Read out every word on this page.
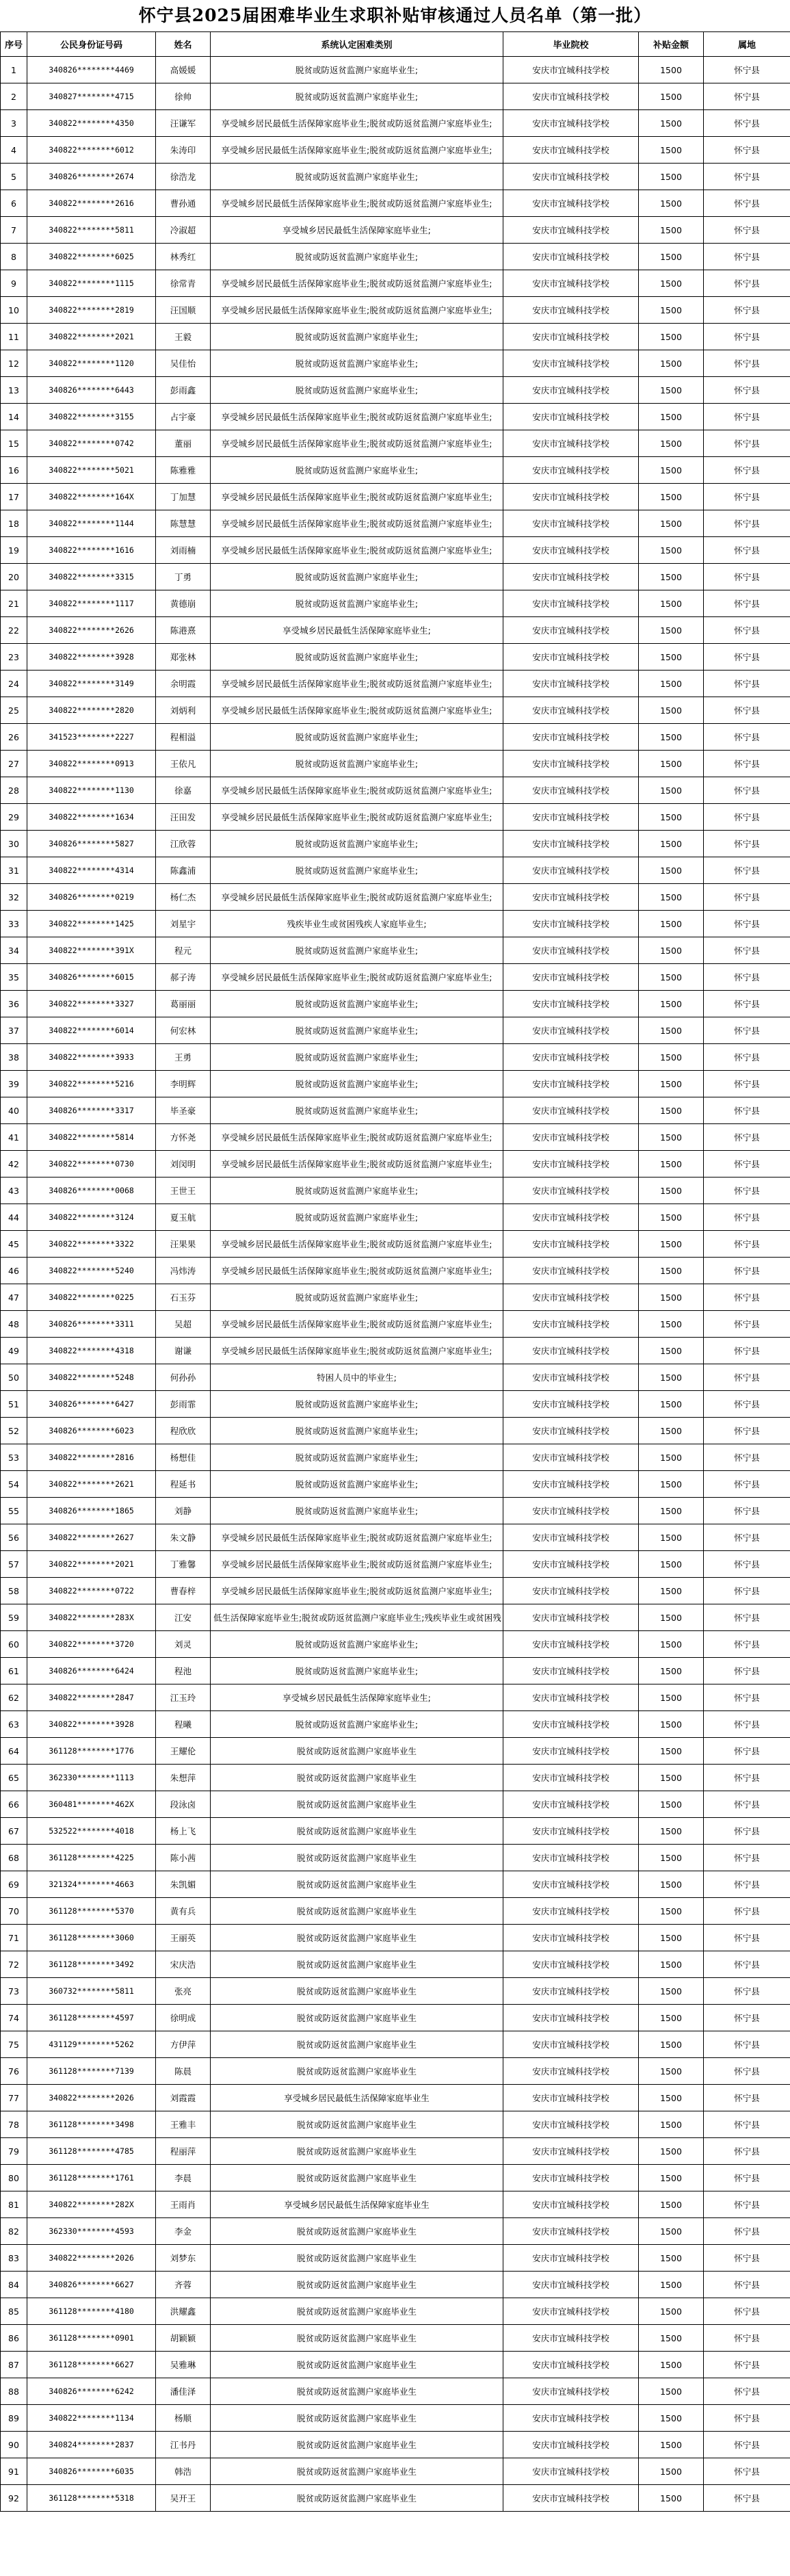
怀宁县2025届困难毕业生求职补贴审核通过人员名单（第一批）
序号	公民身份证号码	姓名	系统认定困难类别	毕业院校	补贴金额	属地
1	340826********4469	高媛媛	脱贫或防返贫监测户家庭毕业生;	安庆市宜城科技学校	1500	怀宁县
2	340827********4715	徐帅	脱贫或防返贫监测户家庭毕业生;	安庆市宜城科技学校	1500	怀宁县
3	340822********4350	汪谦军	享受城乡居民最低生活保障家庭毕业生;脱贫或防返贫监测户家庭毕业生;	安庆市宜城科技学校	1500	怀宁县
4	340822********6012	朱涛印	享受城乡居民最低生活保障家庭毕业生;脱贫或防返贫监测户家庭毕业生;	安庆市宜城科技学校	1500	怀宁县
5	340826********2674	徐浩龙	脱贫或防返贫监测户家庭毕业生;	安庆市宜城科技学校	1500	怀宁县
6	340822********2616	曹孙通	享受城乡居民最低生活保障家庭毕业生;脱贫或防返贫监测户家庭毕业生;	安庆市宜城科技学校	1500	怀宁县
7	340822********5811	冷淑超	享受城乡居民最低生活保障家庭毕业生;	安庆市宜城科技学校	1500	怀宁县
8	340822********6025	林秀红	脱贫或防返贫监测户家庭毕业生;	安庆市宜城科技学校	1500	怀宁县
9	340822********1115	徐常青	享受城乡居民最低生活保障家庭毕业生;脱贫或防返贫监测户家庭毕业生;	安庆市宜城科技学校	1500	怀宁县
10	340822********2819	汪国顺	享受城乡居民最低生活保障家庭毕业生;脱贫或防返贫监测户家庭毕业生;	安庆市宜城科技学校	1500	怀宁县
11	340822********2021	王毅	脱贫或防返贫监测户家庭毕业生;	安庆市宜城科技学校	1500	怀宁县
12	340822********1120	吴佳怡	脱贫或防返贫监测户家庭毕业生;	安庆市宜城科技学校	1500	怀宁县
13	340826********6443	彭雨鑫	脱贫或防返贫监测户家庭毕业生;	安庆市宜城科技学校	1500	怀宁县
14	340822********3155	占宇豪	享受城乡居民最低生活保障家庭毕业生;脱贫或防返贫监测户家庭毕业生;	安庆市宜城科技学校	1500	怀宁县
15	340822********0742	董丽	享受城乡居民最低生活保障家庭毕业生;脱贫或防返贫监测户家庭毕业生;	安庆市宜城科技学校	1500	怀宁县
16	340822********5021	陈雅雅	脱贫或防返贫监测户家庭毕业生;	安庆市宜城科技学校	1500	怀宁县
17	340822********164X	丁加慧	享受城乡居民最低生活保障家庭毕业生;脱贫或防返贫监测户家庭毕业生;	安庆市宜城科技学校	1500	怀宁县
18	340822********1144	陈慧慧	享受城乡居民最低生活保障家庭毕业生;脱贫或防返贫监测户家庭毕业生;	安庆市宜城科技学校	1500	怀宁县
19	340822********1616	刘雨楠	享受城乡居民最低生活保障家庭毕业生;脱贫或防返贫监测户家庭毕业生;	安庆市宜城科技学校	1500	怀宁县
20	340822********3315	丁勇	脱贫或防返贫监测户家庭毕业生;	安庆市宜城科技学校	1500	怀宁县
21	340822********1117	黄德崩	脱贫或防返贫监测户家庭毕业生;	安庆市宜城科技学校	1500	怀宁县
22	340822********2626	陈港熹	享受城乡居民最低生活保障家庭毕业生;	安庆市宜城科技学校	1500	怀宁县
23	340822********3928	郑张林	脱贫或防返贫监测户家庭毕业生;	安庆市宜城科技学校	1500	怀宁县
24	340822********3149	余明霞	享受城乡居民最低生活保障家庭毕业生;脱贫或防返贫监测户家庭毕业生;	安庆市宜城科技学校	1500	怀宁县
25	340822********2820	刘炳利	享受城乡居民最低生活保障家庭毕业生;脱贫或防返贫监测户家庭毕业生;	安庆市宜城科技学校	1500	怀宁县
26	341523********2227	程相溢	脱贫或防返贫监测户家庭毕业生;	安庆市宜城科技学校	1500	怀宁县
27	340822********0913	王依凡	脱贫或防返贫监测户家庭毕业生;	安庆市宜城科技学校	1500	怀宁县
28	340822********1130	徐嘉	享受城乡居民最低生活保障家庭毕业生;脱贫或防返贫监测户家庭毕业生;	安庆市宜城科技学校	1500	怀宁县
29	340822********1634	汪田发	享受城乡居民最低生活保障家庭毕业生;脱贫或防返贫监测户家庭毕业生;	安庆市宜城科技学校	1500	怀宁县
30	340826********5827	江欣蓉	脱贫或防返贫监测户家庭毕业生;	安庆市宜城科技学校	1500	怀宁县
31	340822********4314	陈鑫浦	脱贫或防返贫监测户家庭毕业生;	安庆市宜城科技学校	1500	怀宁县
32	340826********0219	杨仁杰	享受城乡居民最低生活保障家庭毕业生;脱贫或防返贫监测户家庭毕业生;	安庆市宜城科技学校	1500	怀宁县
33	340822********1425	刘星宇	残疾毕业生或贫困残疾人家庭毕业生;	安庆市宜城科技学校	1500	怀宁县
34	340822********391X	程元	脱贫或防返贫监测户家庭毕业生;	安庆市宜城科技学校	1500	怀宁县
35	340826********6015	郝子涛	享受城乡居民最低生活保障家庭毕业生;脱贫或防返贫监测户家庭毕业生;	安庆市宜城科技学校	1500	怀宁县
36	340822********3327	葛丽丽	脱贫或防返贫监测户家庭毕业生;	安庆市宜城科技学校	1500	怀宁县
37	340822********6014	何宏林	脱贫或防返贫监测户家庭毕业生;	安庆市宜城科技学校	1500	怀宁县
38	340822********3933	王勇	脱贫或防返贫监测户家庭毕业生;	安庆市宜城科技学校	1500	怀宁县
39	340822********5216	李明辉	脱贫或防返贫监测户家庭毕业生;	安庆市宜城科技学校	1500	怀宁县
40	340826********3317	毕圣豪	脱贫或防返贫监测户家庭毕业生;	安庆市宜城科技学校	1500	怀宁县
41	340822********5814	方怀尧	享受城乡居民最低生活保障家庭毕业生;脱贫或防返贫监测户家庭毕业生;	安庆市宜城科技学校	1500	怀宁县
42	340822********0730	刘闵明	享受城乡居民最低生活保障家庭毕业生;脱贫或防返贫监测户家庭毕业生;	安庆市宜城科技学校	1500	怀宁县
43	340826********0068	王世王	脱贫或防返贫监测户家庭毕业生;	安庆市宜城科技学校	1500	怀宁县
44	340822********3124	夏玉航	脱贫或防返贫监测户家庭毕业生;	安庆市宜城科技学校	1500	怀宁县
45	340822********3322	汪果果	享受城乡居民最低生活保障家庭毕业生;脱贫或防返贫监测户家庭毕业生;	安庆市宜城科技学校	1500	怀宁县
46	340822********5240	冯炜涛	享受城乡居民最低生活保障家庭毕业生;脱贫或防返贫监测户家庭毕业生;	安庆市宜城科技学校	1500	怀宁县
47	340822********0225	石玉芬	脱贫或防返贫监测户家庭毕业生;	安庆市宜城科技学校	1500	怀宁县
48	340826********3311	吴超	享受城乡居民最低生活保障家庭毕业生;脱贫或防返贫监测户家庭毕业生;	安庆市宜城科技学校	1500	怀宁县
49	340822********4318	谢谦	享受城乡居民最低生活保障家庭毕业生;脱贫或防返贫监测户家庭毕业生;	安庆市宜城科技学校	1500	怀宁县
50	340822********5248	何孙孙	特困人员中的毕业生;	安庆市宜城科技学校	1500	怀宁县
51	340826********6427	彭雨霏	脱贫或防返贫监测户家庭毕业生;	安庆市宜城科技学校	1500	怀宁县
52	340826********6023	程欣欣	脱贫或防返贫监测户家庭毕业生;	安庆市宜城科技学校	1500	怀宁县
53	340822********2816	杨想佳	脱贫或防返贫监测户家庭毕业生;	安庆市宜城科技学校	1500	怀宁县
54	340822********2621	程延书	脱贫或防返贫监测户家庭毕业生;	安庆市宜城科技学校	1500	怀宁县
55	340826********1865	刘静	脱贫或防返贫监测户家庭毕业生;	安庆市宜城科技学校	1500	怀宁县
56	340822********2627	朱文静	享受城乡居民最低生活保障家庭毕业生;脱贫或防返贫监测户家庭毕业生;	安庆市宜城科技学校	1500	怀宁县
57	340822********2021	丁雅馨	享受城乡居民最低生活保障家庭毕业生;脱贫或防返贫监测户家庭毕业生;	安庆市宜城科技学校	1500	怀宁县
58	340822********0722	曹春梓	享受城乡居民最低生活保障家庭毕业生;脱贫或防返贫监测户家庭毕业生;	安庆市宜城科技学校	1500	怀宁县
59	340822********283X	江安	低生活保障家庭毕业生;脱贫或防返贫监测户家庭毕业生;残疾毕业生或贫困残	安庆市宜城科技学校	1500	怀宁县
60	340822********3720	刘灵	脱贫或防返贫监测户家庭毕业生;	安庆市宜城科技学校	1500	怀宁县
61	340826********6424	程池	脱贫或防返贫监测户家庭毕业生;	安庆市宜城科技学校	1500	怀宁县
62	340822********2847	江玉玲	享受城乡居民最低生活保障家庭毕业生;	安庆市宜城科技学校	1500	怀宁县
63	340822********3928	程曦	脱贫或防返贫监测户家庭毕业生;	安庆市宜城科技学校	1500	怀宁县
64	361128********1776	王耀伦	脱贫或防返贫监测户家庭毕业生	安庆市宜城科技学校	1500	怀宁县
65	362330********1113	朱想萍	脱贫或防返贫监测户家庭毕业生	安庆市宜城科技学校	1500	怀宁县
66	360481********462X	段泳卤	脱贫或防返贫监测户家庭毕业生	安庆市宜城科技学校	1500	怀宁县
67	532522********4018	杨上飞	脱贫或防返贫监测户家庭毕业生	安庆市宜城科技学校	1500	怀宁县
68	361128********4225	陈小茜	脱贫或防返贫监测户家庭毕业生	安庆市宜城科技学校	1500	怀宁县
69	321324********4663	朱凯媚	脱贫或防返贫监测户家庭毕业生	安庆市宜城科技学校	1500	怀宁县
70	361128********5370	黄有兵	脱贫或防返贫监测户家庭毕业生	安庆市宜城科技学校	1500	怀宁县
71	361128********3060	王丽英	脱贫或防返贫监测户家庭毕业生	安庆市宜城科技学校	1500	怀宁县
72	361128********3492	宋庆浩	脱贫或防返贫监测户家庭毕业生	安庆市宜城科技学校	1500	怀宁县
73	360732********5811	张亮	脱贫或防返贫监测户家庭毕业生	安庆市宜城科技学校	1500	怀宁县
74	361128********4597	徐明成	脱贫或防返贫监测户家庭毕业生	安庆市宜城科技学校	1500	怀宁县
75	431129********5262	方伊萍	脱贫或防返贫监测户家庭毕业生	安庆市宜城科技学校	1500	怀宁县
76	361128********7139	陈晨	脱贫或防返贫监测户家庭毕业生	安庆市宜城科技学校	1500	怀宁县
77	340822********2026	刘霞霞	享受城乡居民最低生活保障家庭毕业生	安庆市宜城科技学校	1500	怀宁县
78	361128********3498	王雅丰	脱贫或防返贫监测户家庭毕业生	安庆市宜城科技学校	1500	怀宁县
79	361128********4785	程丽萍	脱贫或防返贫监测户家庭毕业生	安庆市宜城科技学校	1500	怀宁县
80	361128********1761	李晨	脱贫或防返贫监测户家庭毕业生	安庆市宜城科技学校	1500	怀宁县
81	340822********282X	王雨肖	享受城乡居民最低生活保障家庭毕业生	安庆市宜城科技学校	1500	怀宁县
82	362330********4593	李金	脱贫或防返贫监测户家庭毕业生	安庆市宜城科技学校	1500	怀宁县
83	340822********2026	刘梦东	脱贫或防返贫监测户家庭毕业生	安庆市宜城科技学校	1500	怀宁县
84	340826********6627	齐蓉	脱贫或防返贫监测户家庭毕业生	安庆市宜城科技学校	1500	怀宁县
85	361128********4180	洪耀鑫	脱贫或防返贫监测户家庭毕业生	安庆市宜城科技学校	1500	怀宁县
86	361128********0901	胡颖颖	脱贫或防返贫监测户家庭毕业生	安庆市宜城科技学校	1500	怀宁县
87	361128********6627	吴雅琳	脱贫或防返贫监测户家庭毕业生	安庆市宜城科技学校	1500	怀宁县
88	340826********6242	潘佳泽	脱贫或防返贫监测户家庭毕业生	安庆市宜城科技学校	1500	怀宁县
89	340822********1134	杨顺	脱贫或防返贫监测户家庭毕业生	安庆市宜城科技学校	1500	怀宁县
90	340824********2837	江书丹	脱贫或防返贫监测户家庭毕业生	安庆市宜城科技学校	1500	怀宁县
91	340826********6035	韩浩	脱贫或防返贫监测户家庭毕业生	安庆市宜城科技学校	1500	怀宁县
92	361128********5318	吴开王	脱贫或防返贫监测户家庭毕业生	安庆市宜城科技学校	1500	怀宁县
